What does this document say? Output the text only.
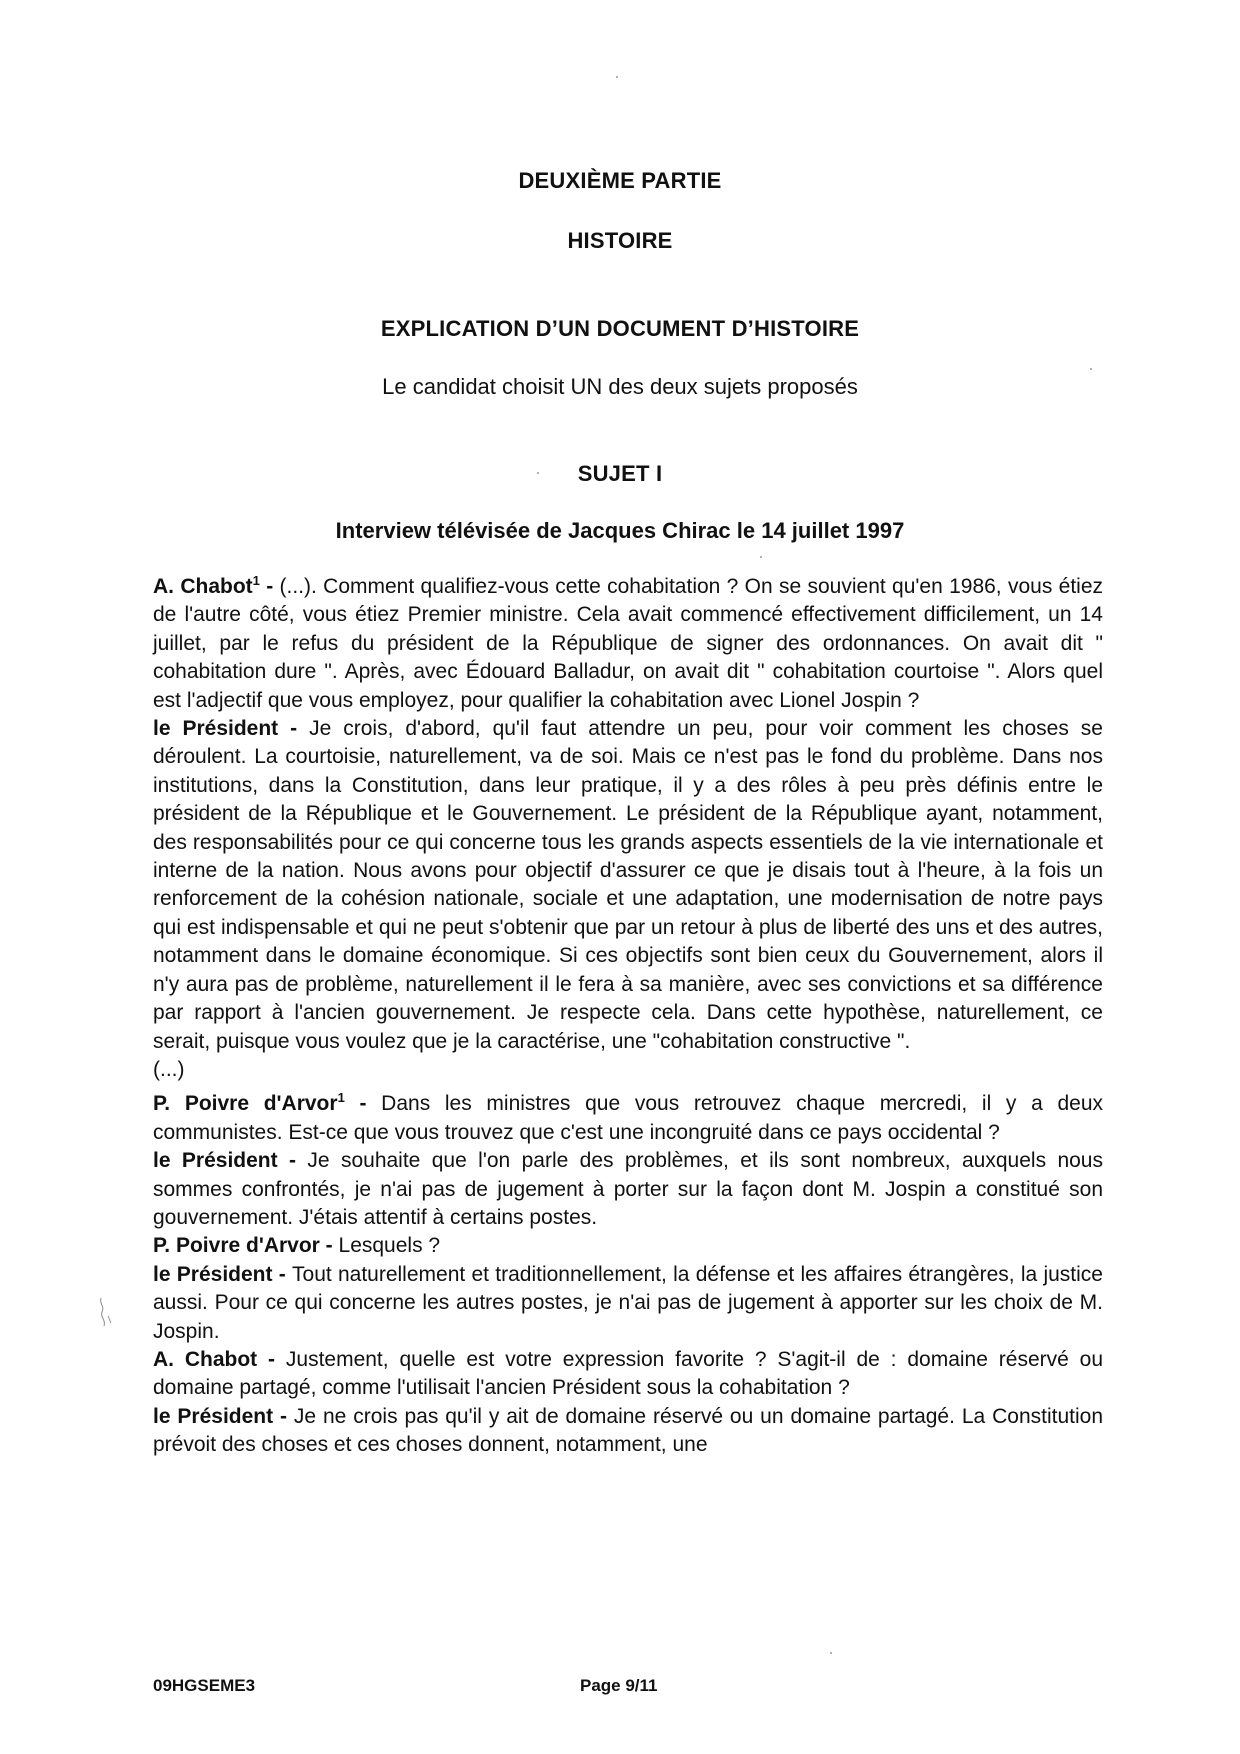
DEUXIÈME PARTIE
HISTOIRE
EXPLICATION D’UN DOCUMENT D’HISTOIRE
Le candidat choisit UN des deux sujets proposés
SUJET I
Interview télévisée de Jacques Chirac le 14 juillet 1997

A. Chabot$^1$ - (...). Comment qualifiez-vous cette cohabitation ? On se souvient qu'en 1986, vous étiez de l'autre côté, vous étiez Premier ministre. Cela avait commencé effectivement difficilement, un 14 juillet, par le refus du président de la République de signer des ordonnances. On avait dit " cohabitation dure ". Après, avec Édouard Balladur, on avait dit " cohabitation courtoise ". Alors quel est l'adjectif que vous employez, pour qualifier la cohabitation avec Lionel Jospin ?

le Président - Je crois, d'abord, qu'il faut attendre un peu, pour voir comment les choses se déroulent. La courtoisie, naturellement, va de soi. Mais ce n'est pas le fond du problème. Dans nos institutions, dans la Constitution, dans leur pratique, il y a des rôles à peu près définis entre le président de la République et le Gouvernement. Le président de la République ayant, notamment, des responsabilités pour ce qui concerne tous les grands aspects essentiels de la vie internationale et interne de la nation. Nous avons pour objectif d'assurer ce que je disais tout à l'heure, à la fois un renforcement de la cohésion nationale, sociale et une adaptation, une modernisation de notre pays qui est indispensable et qui ne peut s'obtenir que par un retour à plus de liberté des uns et des autres, notamment dans le domaine économique. Si ces objectifs sont bien ceux du Gouvernement, alors il n'y aura pas de problème, naturellement il le fera à sa manière, avec ses convictions et sa différence par rapport à l'ancien gouvernement. Je respecte cela. Dans cette hypothèse, naturellement, ce serait, puisque vous voulez que je la caractérise, une "cohabitation constructive ".

(...)

P. Poivre d'Arvor$^1$ - Dans les ministres que vous retrouvez chaque mercredi, il y a deux communistes. Est-ce que vous trouvez que c'est une incongruité dans ce pays occidental ?

le Président - Je souhaite que l'on parle des problèmes, et ils sont nombreux, auxquels nous sommes confrontés, je n'ai pas de jugement à porter sur la façon dont M. Jospin a constitué son gouvernement. J'étais attentif à certains postes.

P. Poivre d'Arvor - Lesquels ?

le Président - Tout naturellement et traditionnellement, la défense et les affaires étrangères, la justice aussi. Pour ce qui concerne les autres postes, je n'ai pas de jugement à apporter sur les choix de M. Jospin.

A. Chabot - Justement, quelle est votre expression favorite ? S'agit-il de : domaine réservé ou domaine partagé, comme l'utilisait l'ancien Président sous la cohabitation ?

le Président - Je ne crois pas qu'il y ait de domaine réservé ou un domaine partagé. La Constitution prévoit des choses et ces choses donnent, notamment, une

09HGSEME3	Page 9/11
